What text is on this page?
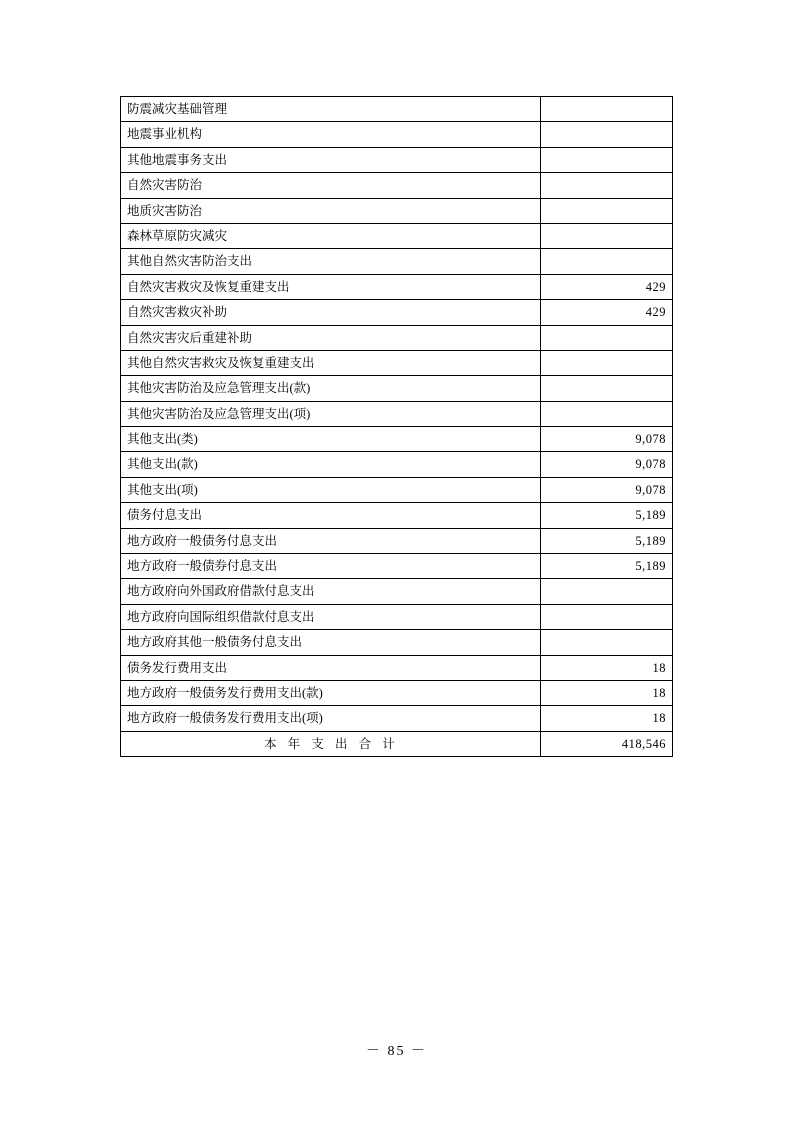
防震减灾基础管理	
地震事业机构	
其他地震事务支出	
自然灾害防治	
地质灾害防治	
森林草原防灾减灾	
其他自然灾害防治支出	
自然灾害救灾及恢复重建支出	429
自然灾害救灾补助	429
自然灾害灾后重建补助	
其他自然灾害救灾及恢复重建支出	
其他灾害防治及应急管理支出(款)	
其他灾害防治及应急管理支出(项)	
其他支出(类)	9,078
其他支出(款)	9,078
其他支出(项)	9,078
债务付息支出	5,189
地方政府一般债务付息支出	5,189
地方政府一般债券付息支出	5,189
地方政府向外国政府借款付息支出	
地方政府向国际组织借款付息支出	
地方政府其他一般债务付息支出	
债务发行费用支出	18
地方政府一般债务发行费用支出(款)	18
地方政府一般债务发行费用支出(项)	18
本 年 支 出 合 计	418,546
－ 85 －
